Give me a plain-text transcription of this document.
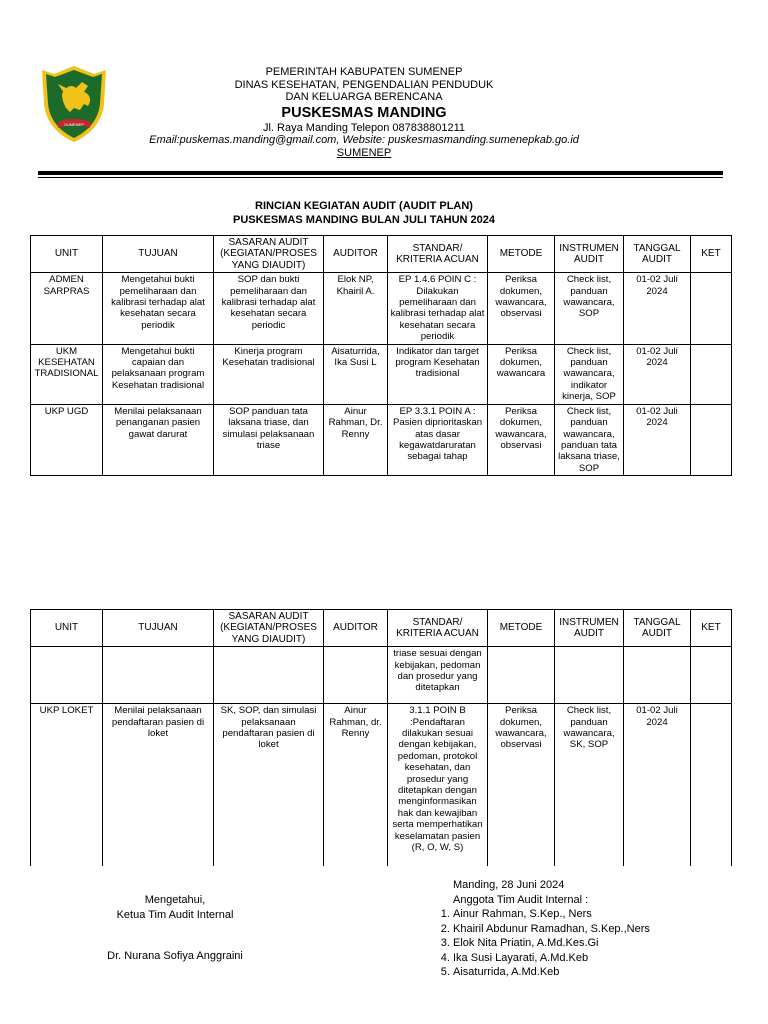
SUMENEP
PEMERINTAH KABUPATEN SUMENEP
DINAS KESEHATAN, PENGENDALIAN PENDUDUK
DAN KELUARGA BERENCANA
PUSKESMAS MANDING
Jl. Raya Manding Telepon 087838801211
Email:puskemas.manding@gmail.com, Website: puskesmasmanding.sumenepkab.go.id
SUMENEP
RINCIAN KEGIATAN AUDIT (AUDIT PLAN)
PUSKESMAS MANDING BULAN JULI TAHUN 2024
UNIT	TUJUAN	SASARAN AUDIT (KEGIATAN/PROSES YANG DIAUDIT)	AUDITOR	STANDAR/ KRITERIA ACUAN	METODE	INSTRUMEN AUDIT	TANGGAL AUDIT	KET
ADMEN SARPRAS	Mengetahui bukti pemeliharaan dan kalibrasi terhadap alat kesehatan secara periodik	SOP dan bukti pemeliharaan dan kalibrasi terhadap alat kesehatan secara periodic	Elok NP, Khairil A.	EP 1.4.6 POIN C : Dilakukan pemeliharaan dan kalibrasi terhadap alat kesehatan secara periodik	Periksa dokumen, wawancara, observasi	Check list, panduan wawancara, SOP	01-02 Juli 2024	
UKM KESEHATAN TRADISIONAL	Mengetahui bukti capaian dan pelaksanaan program Kesehatan tradisional	Kinerja program Kesehatan tradisional	Aisaturrida, Ika Susi L	Indikator dan target program Kesehatan tradisional	Periksa dokumen, wawancara	Check list, panduan wawancara, indikator kinerja, SOP	01-02 Juli 2024	
UKP UGD	Menilai pelaksanaan penanganan pasien gawat darurat	SOP panduan tata laksana triase, dan simulasi pelaksanaan triase	Ainur Rahman, Dr. Renny	EP 3.3.1 POIN A : Pasien diprioritaskan atas dasar kegawatdaruratan sebagai tahap	Periksa dokumen, wawancara, observasi	Check list, panduan wawancara, panduan tata laksana triase, SOP	01-02 Juli 2024	
UNIT	TUJUAN	SASARAN AUDIT (KEGIATAN/PROSES YANG DIAUDIT)	AUDITOR	STANDAR/ KRITERIA ACUAN	METODE	INSTRUMEN AUDIT	TANGGAL AUDIT	KET
				triase sesuai dengan kebijakan, pedoman dan prosedur yang ditetapkan				
UKP LOKET	Menilai pelaksanaan pendaftaran pasien di loket	SK, SOP, dan simulasi pelaksanaan pendaftaran pasien di loket	Ainur Rahman, dr. Renny	3.1.1 POIN B :Pendaftaran dilakukan sesuai dengan kebijakan, pedoman, protokol kesehatan, dan prosedur yang ditetapkan dengan menginformasikan hak dan kewajiban serta memperhatikan keselamatan pasien (R, O, W, S)	Periksa dokumen, wawancara, observasi	Check list, panduan wawancara, SK, SOP	01-02 Juli 2024	
Mengetahui,
Ketua Tim Audit Internal
Dr. Nurana Sofiya Anggraini
Manding, 28 Juni 2024
Anggota Tim Audit Internal :
1. Ainur Rahman, S.Kep., Ners
2. Khairil Abdunur Ramadhan, S.Kep.,Ners
3. Elok Nita Priatin, A.Md.Kes.Gi
4. Ika Susi Layarati, A.Md.Keb
5. Aisaturrida, A.Md.Keb
